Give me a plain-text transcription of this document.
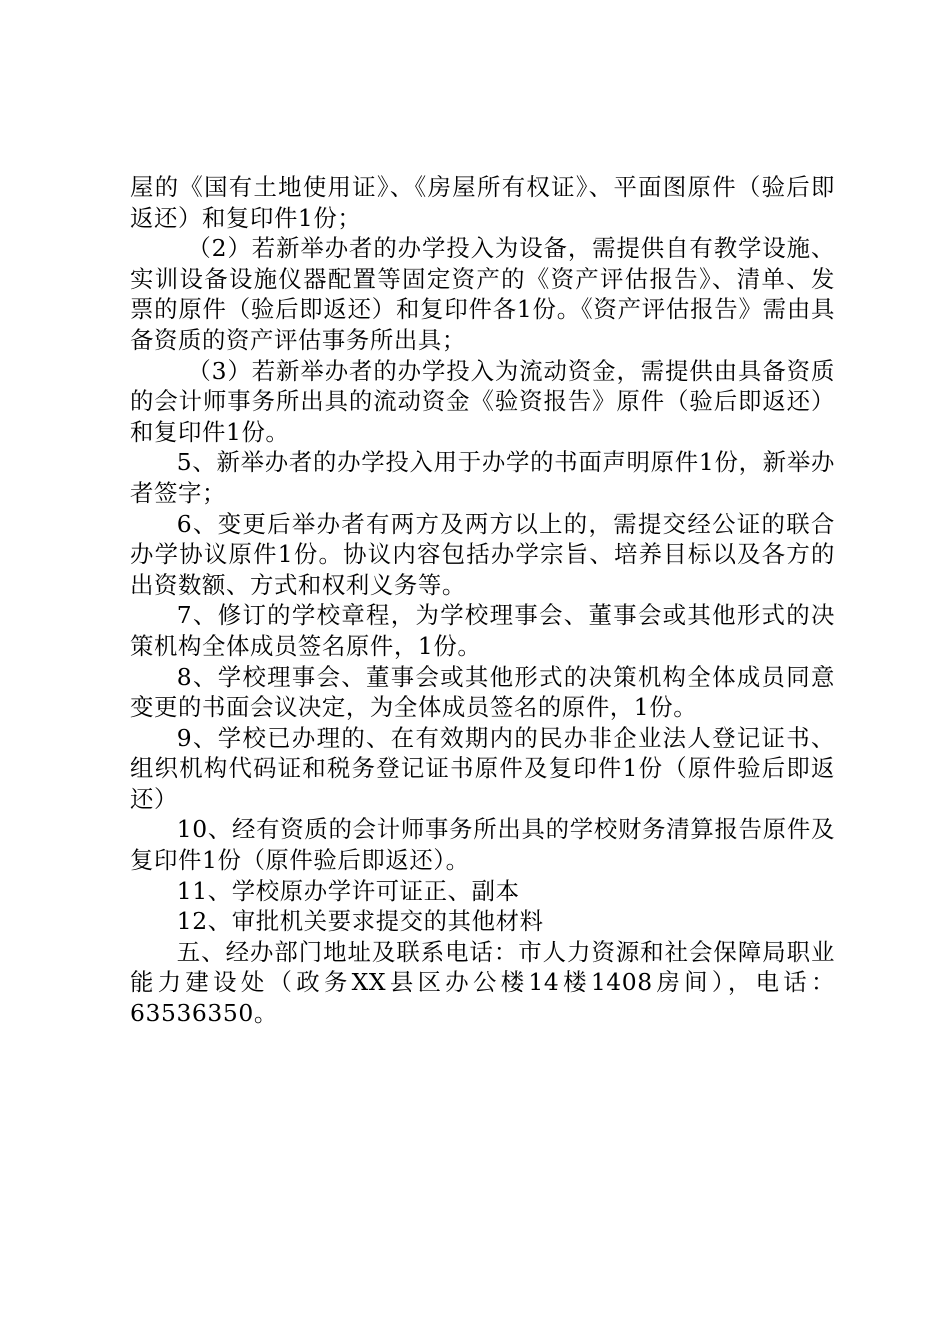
屋的《国有土地使用证》、《房屋所有权证》、平面图原件（验后即返还）和复印件1份；

（2）若新举办者的办学投入为设备，需提供自有教学设施、实训设备设施仪器配置等固定资产的《资产评估报告》、清单、发票的原件（验后即返还）和复印件各1份。《资产评估报告》需由具备资质的资产评估事务所出具；

（3）若新举办者的办学投入为流动资金，需提供由具备资质的会计师事务所出具的流动资金《验资报告》原件（验后即返还）和复印件1份。

5、新举办者的办学投入用于办学的书面声明原件1份，新举办者签字；

6、变更后举办者有两方及两方以上的，需提交经公证的联合办学协议原件1份。协议内容包括办学宗旨、培养目标以及各方的出资数额、方式和权利义务等。

7、修订的学校章程，为学校理事会、董事会或其他形式的决策机构全体成员签名原件，1份。

8、学校理事会、董事会或其他形式的决策机构全体成员同意变更的书面会议决定，为全体成员签名的原件，1份。

9、学校已办理的、在有效期内的民办非企业法人登记证书、组织机构代码证和税务登记证书原件及复印件1份（原件验后即返还）

10、经有资质的会计师事务所出具的学校财务清算报告原件及复印件1份（原件验后即返还）。

11、学校原办学许可证正、副本

12、审批机关要求提交的其他材料

五、经办部门地址及联系电话：市人力资源和社会保障局职业能力建设处（政务XX县区办公楼14楼1408房间），电话：63536350。
